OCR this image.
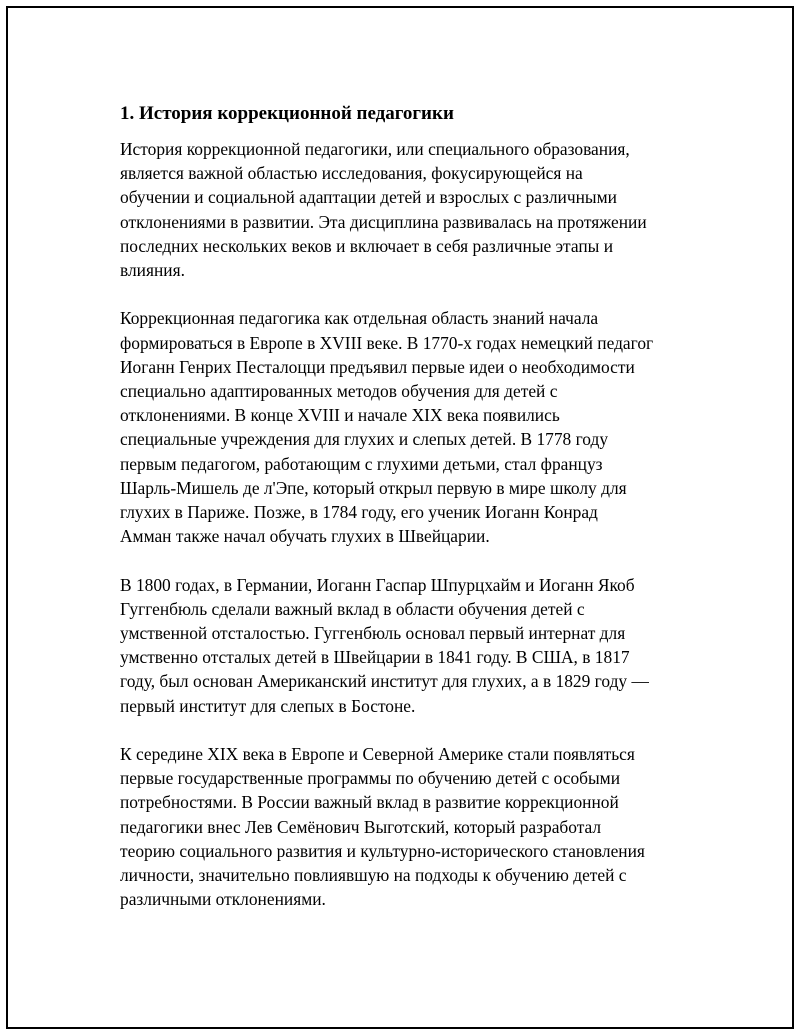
1. История коррекционной педагогики

История коррекционной педагогики, или специального образования,
является важной областью исследования, фокусирующейся на
обучении и социальной адаптации детей и взрослых с различными
отклонениями в развитии. Эта дисциплина развивалась на протяжении
последних нескольких веков и включает в себя различные этапы и
влияния.

Коррекционная педагогика как отдельная область знаний начала
формироваться в Европе в XVIII веке. В 1770-х годах немецкий педагог
Иоганн Генрих Песталоцци предъявил первые идеи о необходимости
специально адаптированных методов обучения для детей с
отклонениями. В конце XVIII и начале XIX века появились
специальные учреждения для глухих и слепых детей. В 1778 году
первым педагогом, работающим с глухими детьми, стал француз
Шарль-Мишель де л'Эпе, который открыл первую в мире школу для
глухих в Париже. Позже, в 1784 году, его ученик Иоганн Конрад
Амман также начал обучать глухих в Швейцарии.

В 1800 годах, в Германии, Иоганн Гаспар Шпурцхайм и Иоганн Якоб
Гуггенбюль сделали важный вклад в области обучения детей с
умственной отсталостью. Гуггенбюль основал первый интернат для
умственно отсталых детей в Швейцарии в 1841 году. В США, в 1817
году, был основан Американский институт для глухих, а в 1829 году —
первый институт для слепых в Бостоне.

К середине XIX века в Европе и Северной Америке стали появляться
первые государственные программы по обучению детей с особыми
потребностями. В России важный вклад в развитие коррекционной
педагогики внес Лев Семёнович Выготский, который разработал
теорию социального развития и культурно-исторического становления
личности, значительно повлиявшую на подходы к обучению детей с
различными отклонениями.
